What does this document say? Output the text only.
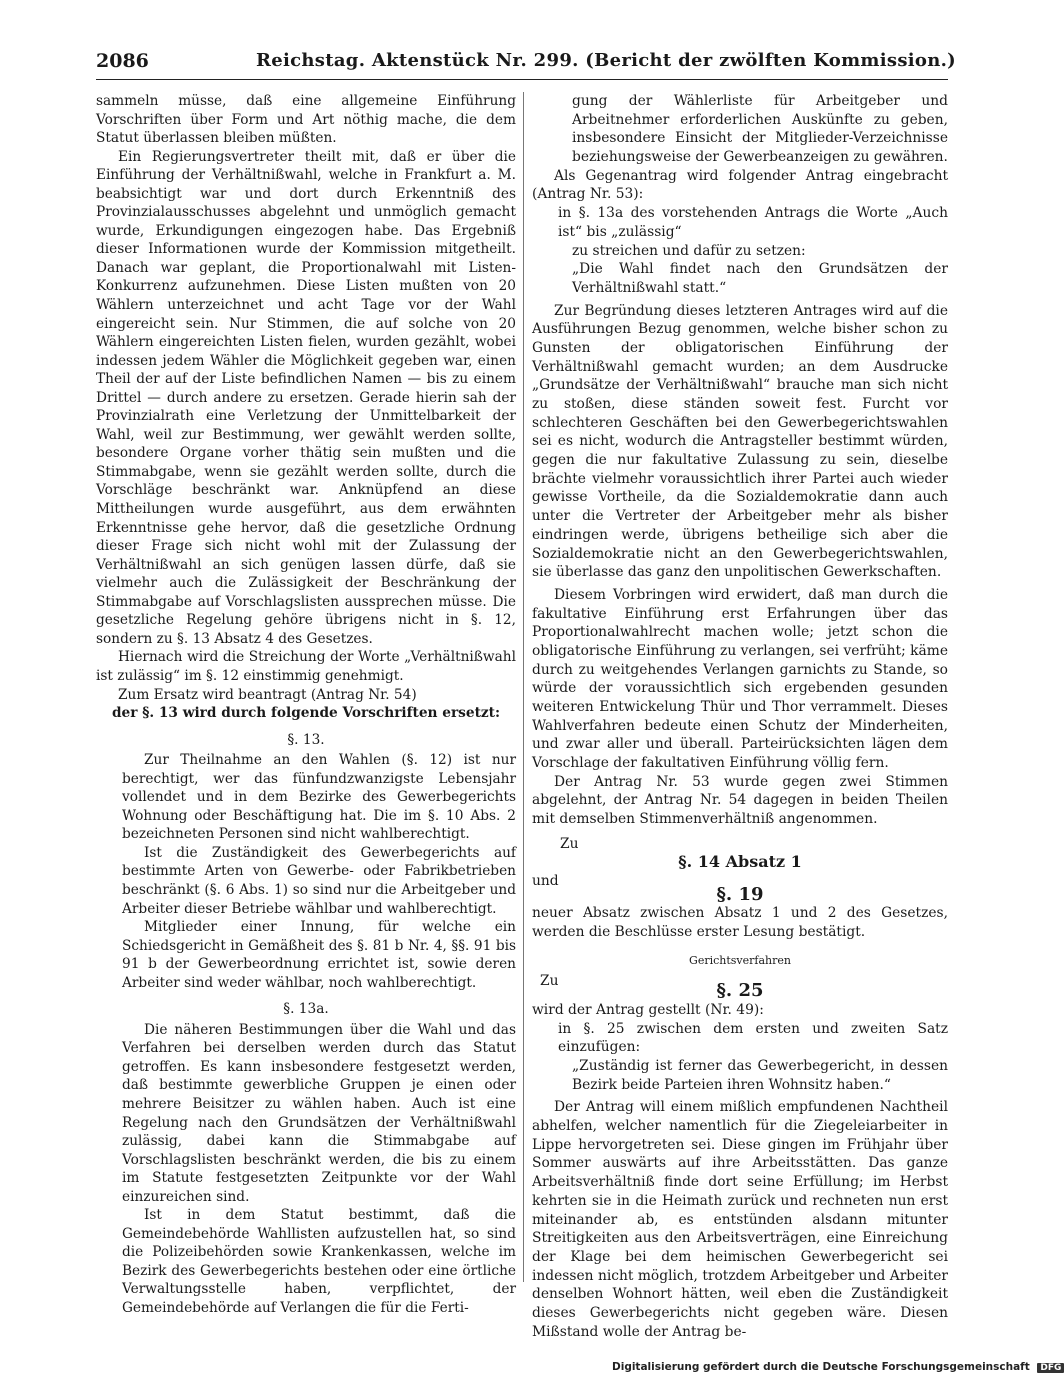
2086	Reichstag. Aktenstück Nr. 299. (Bericht der zwölften Kommission.)

sammeln müsse, daß eine allgemeine Einführung Vorschriften über Form und Art nöthig mache, die dem Statut überlassen bleiben müßten.

Ein Regierungsvertreter theilt mit, daß er über die Einführung der Verhältnißwahl, welche in Frankfurt a. M. beabsichtigt war und dort durch Erkenntniß des Provinzialausschusses abgelehnt und unmöglich gemacht wurde, Erkundigungen eingezogen habe. Das Ergebniß dieser Informationen wurde der Kommission mitgetheilt. Danach war geplant, die Proportionalwahl mit Listen-Konkurrenz aufzunehmen. Diese Listen mußten von 20 Wählern unterzeichnet und acht Tage vor der Wahl eingereicht sein. Nur Stimmen, die auf solche von 20 Wählern eingereichten Listen fielen, wurden gezählt, wobei indessen jedem Wähler die Möglichkeit gegeben war, einen Theil der auf der Liste befindlichen Namen — bis zu einem Drittel — durch andere zu ersetzen. Gerade hierin sah der Provinzialrath eine Verletzung der Unmittelbarkeit der Wahl, weil zur Bestimmung, wer gewählt werden sollte, besondere Organe vorher thätig sein mußten und die Stimmabgabe, wenn sie gezählt werden sollte, durch die Vorschläge beschränkt war. Anknüpfend an diese Mittheilungen wurde ausgeführt, aus dem erwähnten Erkenntnisse gehe hervor, daß die gesetzliche Ordnung dieser Frage sich nicht wohl mit der Zulassung der Verhältnißwahl an sich genügen lassen dürfe, daß sie vielmehr auch die Zulässigkeit der Beschränkung der Stimmabgabe auf Vorschlagslisten aussprechen müsse. Die gesetzliche Regelung gehöre übrigens nicht in §. 12, sondern zu §. 13 Absatz 4 des Gesetzes.

Hiernach wird die Streichung der Worte „Verhältnißwahl ist zulässig“ im §. 12 einstimmig genehmigt.

Zum Ersatz wird beantragt (Antrag Nr. 54)

der §. 13 wird durch folgende Vorschriften ersetzt:

§. 13.

Zur Theilnahme an den Wahlen (§. 12) ist nur berechtigt, wer das fünfundzwanzigste Lebensjahr vollendet und in dem Bezirke des Gewerbegerichts Wohnung oder Beschäftigung hat. Die im §. 10 Abs. 2 bezeichneten Personen sind nicht wahlberechtigt.

Ist die Zuständigkeit des Gewerbegerichts auf bestimmte Arten von Gewerbe- oder Fabrikbetrieben beschränkt (§. 6 Abs. 1) so sind nur die Arbeitgeber und Arbeiter dieser Betriebe wählbar und wahlberechtigt.

Mitglieder einer Innung, für welche ein Schiedsgericht in Gemäßheit des §. 81 b Nr. 4, §§. 91 bis 91 b der Gewerbeordnung errichtet ist, sowie deren Arbeiter sind weder wählbar, noch wahlberechtigt.

§. 13a.

Die näheren Bestimmungen über die Wahl und das Verfahren bei derselben werden durch das Statut getroffen. Es kann insbesondere festgesetzt werden, daß bestimmte gewerbliche Gruppen je einen oder mehrere Beisitzer zu wählen haben. Auch ist eine Regelung nach den Grundsätzen der Verhältnißwahl zulässig, dabei kann die Stimmabgabe auf Vorschlagslisten beschränkt werden, die bis zu einem im Statute festgesetzten Zeitpunkte vor der Wahl einzureichen sind.

Ist in dem Statut bestimmt, daß die Gemeindebehörde Wahllisten aufzustellen hat, so sind die Polizeibehörden sowie Krankenkassen, welche im Bezirk des Gewerbegerichts bestehen oder eine örtliche Verwaltungsstelle haben, verpflichtet, der Gemeindebehörde auf Verlangen die für die Ferti-

gung der Wählerliste für Arbeitgeber und Arbeitnehmer erforderlichen Auskünfte zu geben, insbesondere Einsicht der Mitglieder-Verzeichnisse beziehungsweise der Gewerbeanzeigen zu gewähren.

Als Gegenantrag wird folgender Antrag eingebracht (Antrag Nr. 53):

in §. 13a des vorstehenden Antrags die Worte „Auch ist“ bis „zulässig“

zu streichen und dafür zu setzen:

„Die Wahl findet nach den Grundsätzen der Verhältnißwahl statt.“

Zur Begründung dieses letzteren Antrages wird auf die Ausführungen Bezug genommen, welche bisher schon zu Gunsten der obligatorischen Einführung der Verhältnißwahl gemacht wurden; an dem Ausdrucke „Grundsätze der Verhältnißwahl“ brauche man sich nicht zu stoßen, diese ständen soweit fest. Furcht vor schlechteren Geschäften bei den Gewerbegerichtswahlen sei es nicht, wodurch die Antragsteller bestimmt würden, gegen die nur fakultative Zulassung zu sein, dieselbe brächte vielmehr voraussichtlich ihrer Partei auch wieder gewisse Vortheile, da die Sozialdemokratie dann auch unter die Vertreter der Arbeitgeber mehr als bisher eindringen werde, übrigens betheilige sich aber die Sozialdemokratie nicht an den Gewerbegerichtswahlen, sie überlasse das ganz den unpolitischen Gewerkschaften.

Diesem Vorbringen wird erwidert, daß man durch die fakultative Einführung erst Erfahrungen über das Proportionalwahlrecht machen wolle; jetzt schon die obligatorische Einführung zu verlangen, sei verfrüht; käme durch zu weitgehendes Verlangen garnichts zu Stande, so würde der voraussichtlich sich ergebenden gesunden weiteren Entwickelung Thür und Thor verrammelt. Dieses Wahlverfahren bedeute einen Schutz der Minderheiten, und zwar aller und überall. Parteirücksichten lägen dem Vorschlage der fakultativen Einführung völlig fern.

Der Antrag Nr. 53 wurde gegen zwei Stimmen abgelehnt, der Antrag Nr. 54 dagegen in beiden Theilen mit demselben Stimmenverhältniß angenommen.

Zu

§. 14 Absatz 1

und

§. 19

neuer Absatz zwischen Absatz 1 und 2 des Gesetzes, werden die Beschlüsse erster Lesung bestätigt.

Gerichtsverfahren

Zu	§. 25

wird der Antrag gestellt (Nr. 49):

in §. 25 zwischen dem ersten und zweiten Satz einzufügen:

„Zuständig ist ferner das Gewerbegericht, in dessen Bezirk beide Parteien ihren Wohnsitz haben.“

Der Antrag will einem mißlich empfundenen Nachtheil abhelfen, welcher namentlich für die Ziegeleiarbeiter in Lippe hervorgetreten sei. Diese gingen im Frühjahr über Sommer auswärts auf ihre Arbeitsstätten. Das ganze Arbeitsverhältniß finde dort seine Erfüllung; im Herbst kehrten sie in die Heimath zurück und rechneten nun erst miteinander ab, es entstünden alsdann mitunter Streitigkeiten aus den Arbeitsverträgen, eine Einreichung der Klage bei dem heimischen Gewerbegericht sei indessen nicht möglich, trotzdem Arbeitgeber und Arbeiter denselben Wohnort hätten, weil eben die Zuständigkeit dieses Gewerbegerichts nicht gegeben wäre. Diesen Mißstand wolle der Antrag be-

Digitalisierung gefördert durch die Deutsche Forschungsgemeinschaft DFG
